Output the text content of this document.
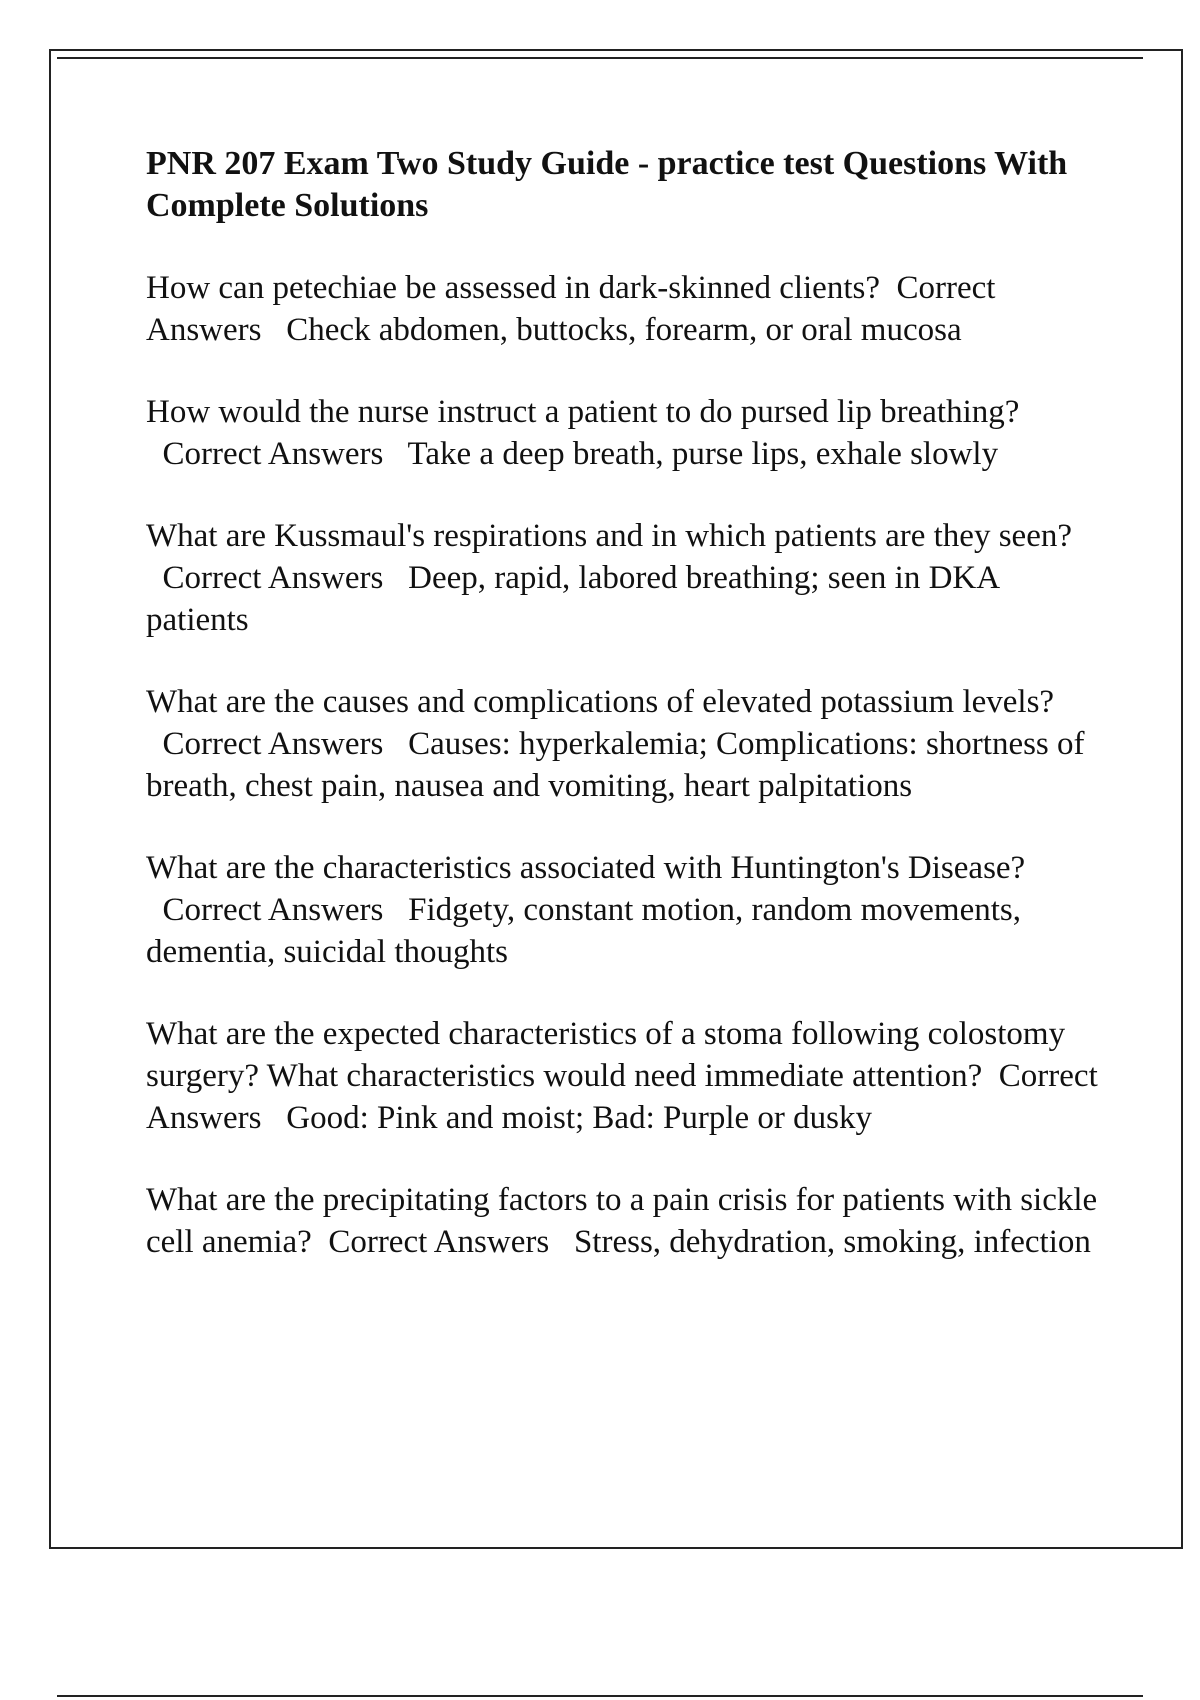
PNR 207 Exam Two Study Guide - practice test Questions With Complete Solutions
How can petechiae be assessed in dark-skinned clients? Correct Answers Check abdomen, buttocks, forearm, or oral mucosa
How would the nurse instruct a patient to do pursed lip breathing?  Correct Answers Take a deep breath, purse lips, exhale slowly
What are Kussmaul's respirations and in which patients are they seen?  Correct Answers Deep, rapid, labored breathing; seen in DKA patients
What are the causes and complications of elevated potassium levels?  Correct Answers Causes: hyperkalemia; Complications: shortness of breath, chest pain, nausea and vomiting, heart palpitations
What are the characteristics associated with Huntington's Disease?  Correct Answers Fidgety, constant motion, random movements, dementia, suicidal thoughts
What are the expected characteristics of a stoma following colostomy surgery? What characteristics would need immediate attention? Correct Answers Good: Pink and moist; Bad: Purple or dusky
What are the precipitating factors to a pain crisis for patients with sickle cell anemia? Correct Answers Stress, dehydration, smoking, infection
